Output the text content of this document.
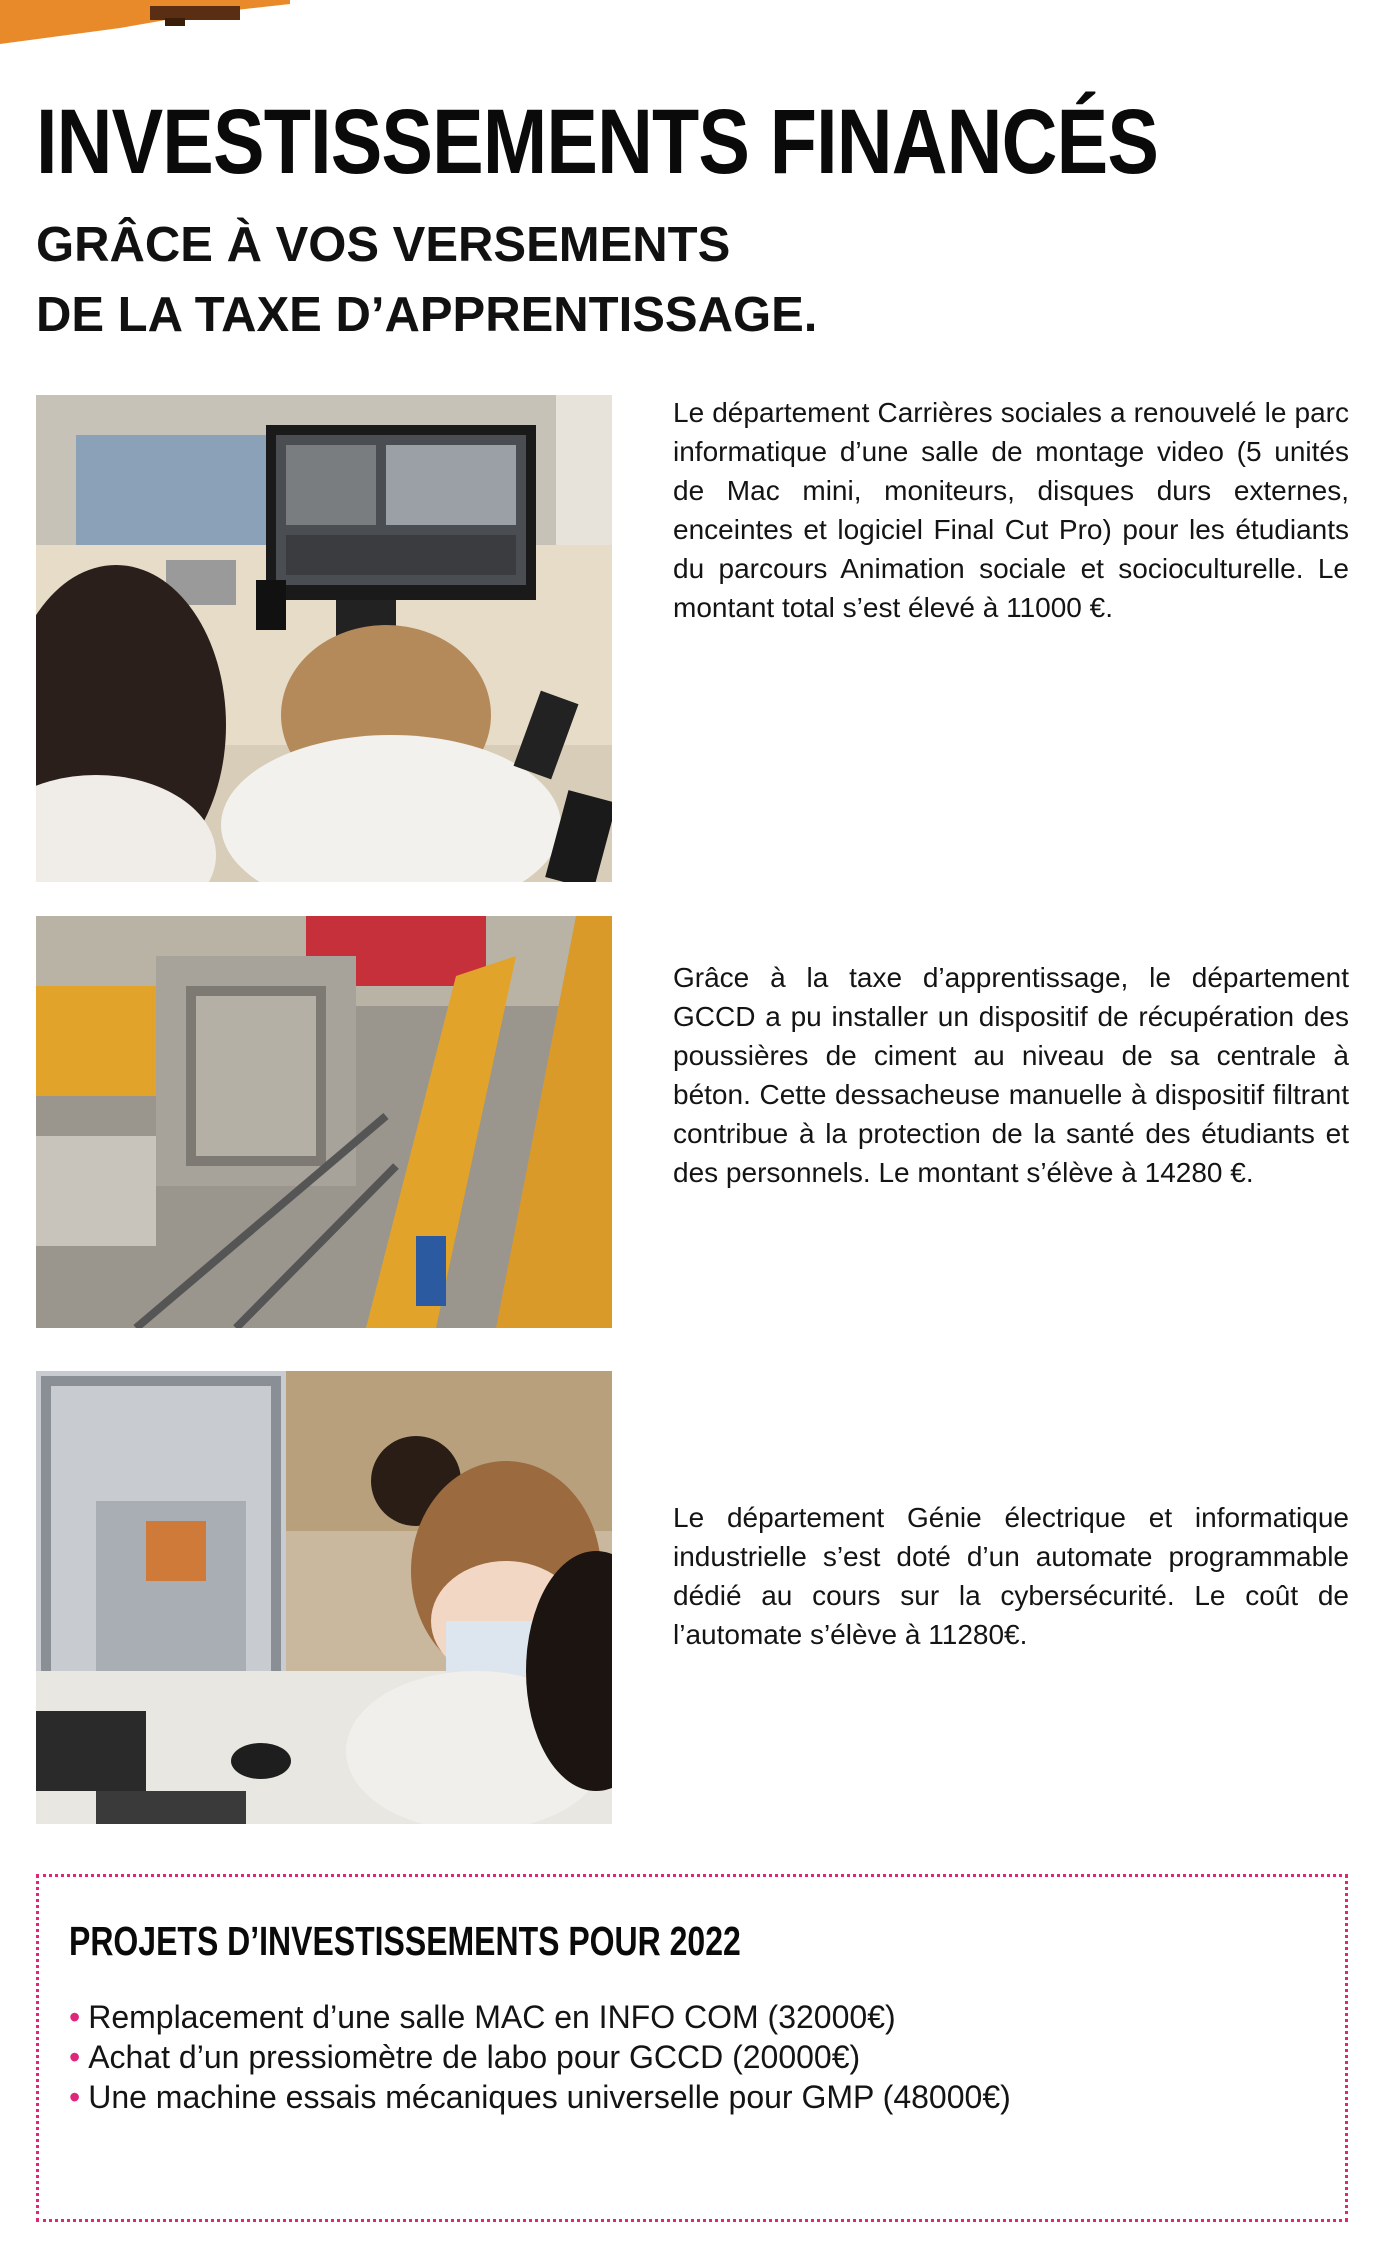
INVESTISSEMENTS FINANCÉS
GRÂCE À VOS VERSEMENTS
DE LA TAXE D’APPRENTISSAGE.

Le département Carrières sociales a renouvelé le parc informatique d’une salle de montage video (5 unités de Mac mini, moniteurs, disques durs externes, enceintes et logiciel Final Cut Pro) pour les étudiants du parcours Animation sociale et socioculturelle. Le montant total s’est élevé à 11000 €.

Grâce à la taxe d’apprentissage, le département GCCD a pu installer un dispositif de récupération des poussières de ciment au niveau de sa centrale à béton. Cette dessacheuse manuelle à dispositif filtrant contribue à la protection de la santé des étudiants et des personnels. Le montant s’élève à 14280 €.

Le département Génie électrique et informatique industrielle s’est doté d’un automate programmable dédié au cours sur la cybersécurité. Le coût de l’automate s’élève à 11280€.

PROJETS D’INVESTISSEMENTS POUR 2022
• Remplacement d’une salle MAC en INFO COM (32000€)
• Achat d’un pressiomètre de labo pour GCCD (20000€)
• Une machine essais mécaniques universelle pour GMP (48000€)
